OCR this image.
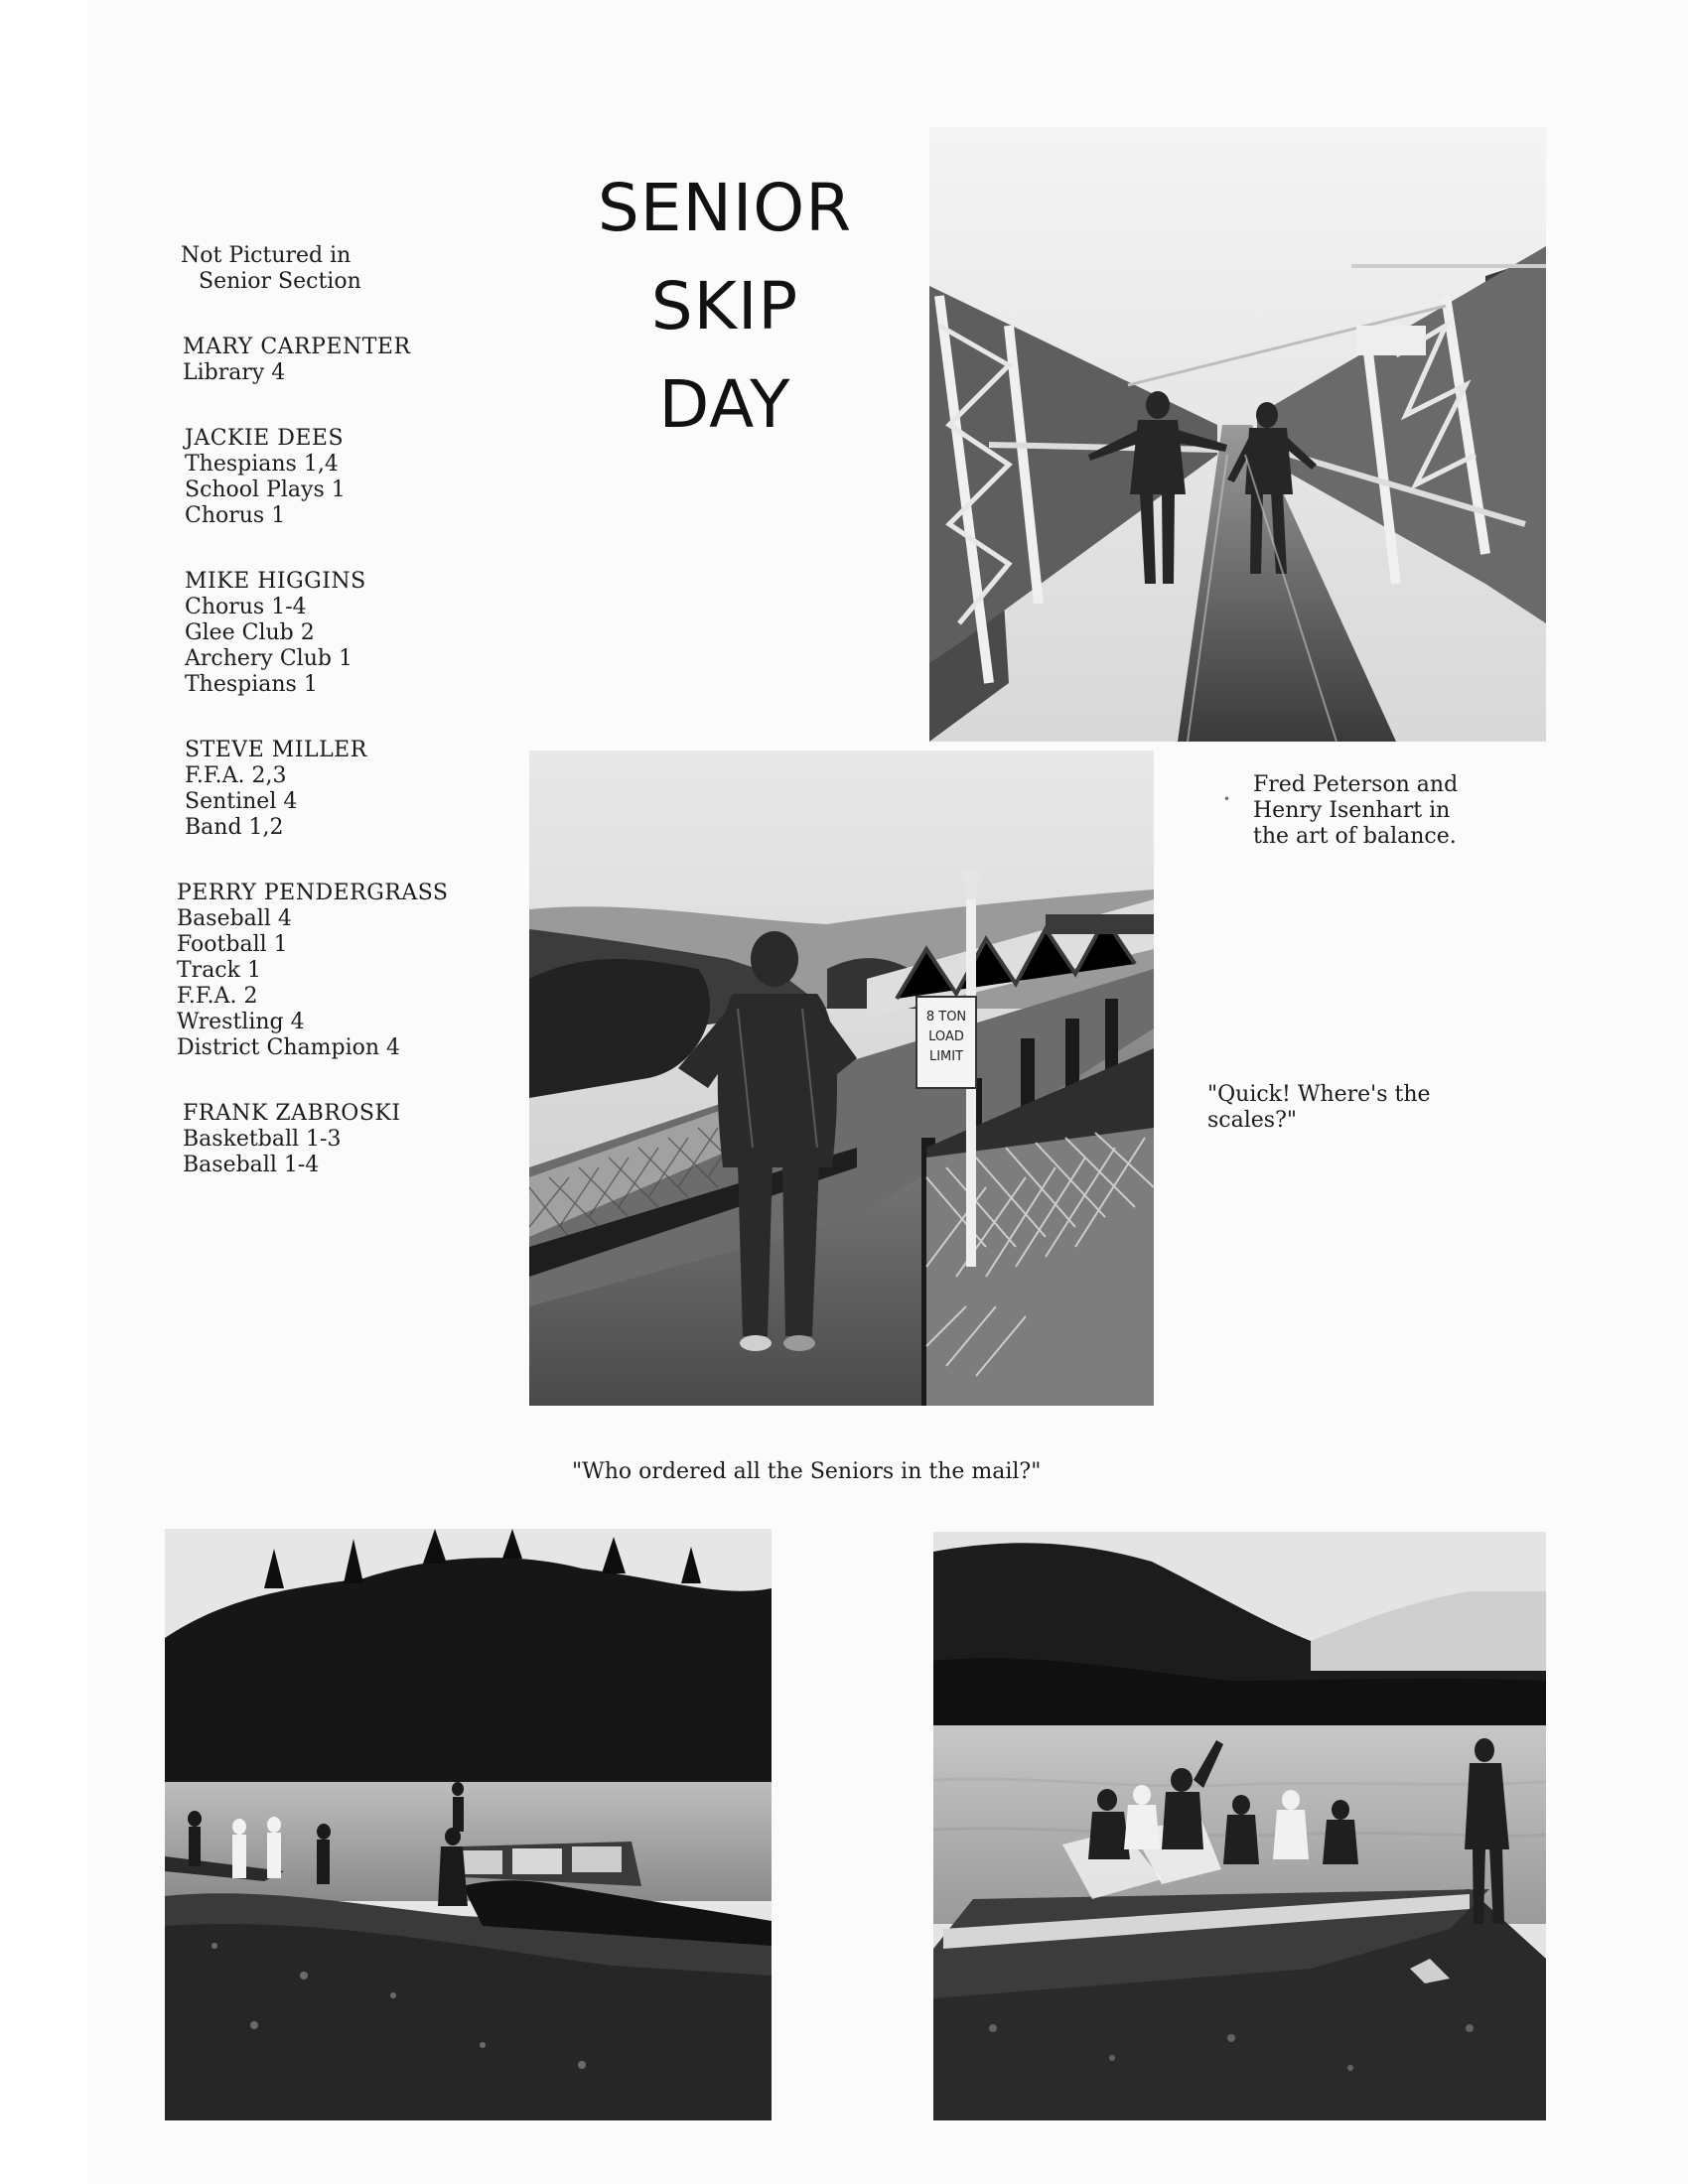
SENIOR
SKIP
DAY
Not Pictured in
Senior Section
MARY CARPENTER
Library 4
JACKIE DEES
Thespians 1,4
School Plays 1
Chorus 1
MIKE HIGGINS
Chorus 1-4
Glee Club 2
Archery Club 1
Thespians 1
STEVE MILLER
F.F.A. 2,3
Sentinel 4
Band 1,2
PERRY PENDERGRASS
Baseball 4
Football 1
Track 1
F.F.A. 2
Wrestling 4
District Champion 4
FRANK ZABROSKI
Basketball 1-3
Baseball 1-4
8 TON
LOAD
LIMIT
•
Fred Peterson and
Henry Isenhart in
the art of balance.
"Quick! Where's the
scales?"
"Who ordered all the Seniors in the mail?"
